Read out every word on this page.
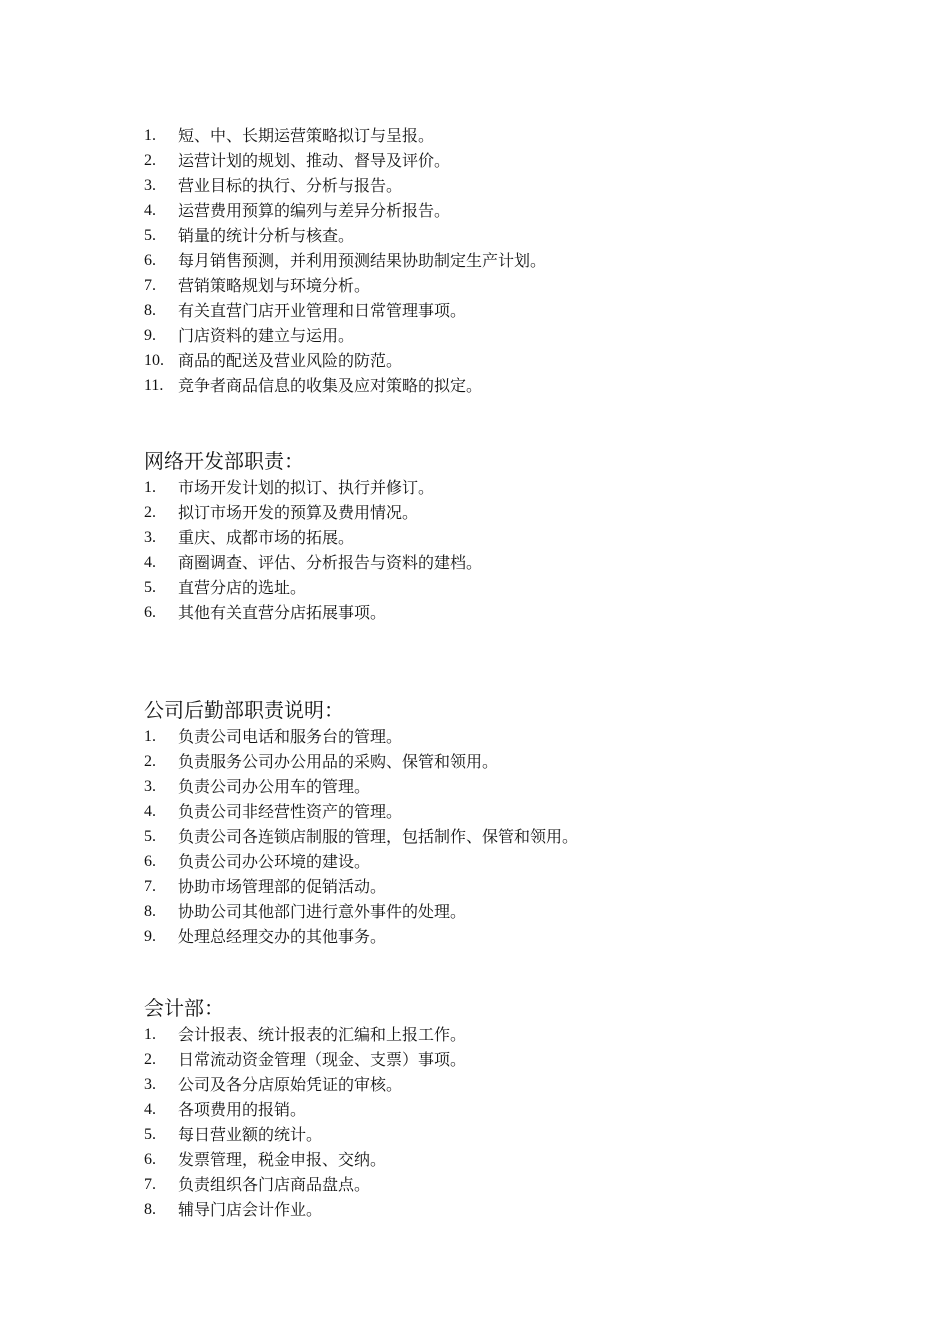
1.	短、中、长期运营策略拟订与呈报。
2.	运营计划的规划、推动、督导及评价。
3.	营业目标的执行、分析与报告。
4.	运营费用预算的编列与差异分析报告。
5.	销量的统计分析与核查。
6.	每月销售预测，并利用预测结果协助制定生产计划。
7.	营销策略规划与环境分析。
8.	有关直营门店开业管理和日常管理事项。
9.	门店资料的建立与运用。
10. 商品的配送及营业风险的防范。
11. 竞争者商品信息的收集及应对策略的拟定。
网络开发部职责：
1.	市场开发计划的拟订、执行并修订。
2.	拟订市场开发的预算及费用情况。
3.	重庆、成都市场的拓展。
4.	商圈调查、评估、分析报告与资料的建档。
5.	直营分店的选址。
6.	其他有关直营分店拓展事项。
公司后勤部职责说明：
1.	负责公司电话和服务台的管理。
2.	负责服务公司办公用品的采购、保管和领用。
3.	负责公司办公用车的管理。
4.	负责公司非经营性资产的管理。
5.	负责公司各连锁店制服的管理，包括制作、保管和领用。
6.	负责公司办公环境的建设。
7.	协助市场管理部的促销活动。
8.	协助公司其他部门进行意外事件的处理。
9.	处理总经理交办的其他事务。
会计部：
1.	会计报表、统计报表的汇编和上报工作。
2.	日常流动资金管理（现金、支票）事项。
3.	公司及各分店原始凭证的审核。
4.	各项费用的报销。
5.	每日营业额的统计。
6.	发票管理，税金申报、交纳。
7.	负责组织各门店商品盘点。
8.	辅导门店会计作业。
